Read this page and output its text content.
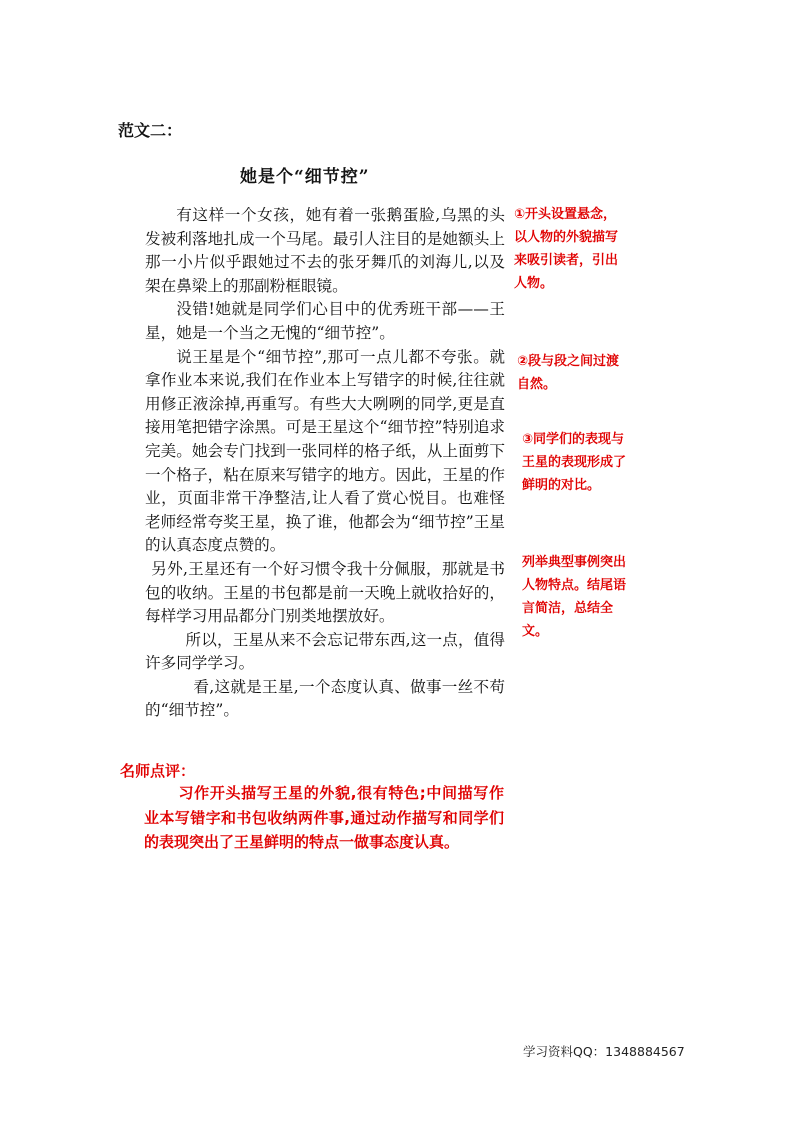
范文二：
她是个“细节控”

有这样一个女孩，她有着一张鹅蛋脸,乌黑的头发被利落地扎成一个马尾。最引人注目的是她额头上那一小片似乎跟她过不去的张牙舞爪的刘海儿,以及架在鼻梁上的那副粉框眼镜。

没错!她就是同学们心目中的优秀班干部——王星，她是一个当之无愧的“细节控”。

说王星是个“细节控”,那可一点儿都不夸张。就拿作业本来说,我们在作业本上写错字的时候,往往就用修正液涂掉,再重写。有些大大咧咧的同学,更是直接用笔把错字涂黑。可是王星这个“细节控”特别追求完美。她会专门找到一张同样的格子纸，从上面剪下一个格子，粘在原来写错字的地方。因此，王星的作业，页面非常干净整洁,让人看了赏心悦目。也难怪老师经常夸奖王星，换了谁，他都会为“细节控”王星的认真态度点赞的。

另外,王星还有一个好习惯令我十分佩服，那就是书包的收纳。王星的书包都是前一天晚上就收拾好的，每样学习用品都分门别类地摆放好。

所以，王星从来不会忘记带东西,这一点，值得许多同学学习。

看,这就是王星,一个态度认真、做事一丝不苟的“细节控”。

①开头设置悬念，以人物的外貌描写来吸引读者，引出人物。
②段与段之间过渡自然。
③同学们的表现与王星的表现形成了鲜明的对比。
列举典型事例突出人物特点。结尾语言简洁，总结全文。
名师点评：
习作开头描写王星的外貌,很有特色;中间描写作业本写错字和书包收纳两件事,通过动作描写和同学们的表现突出了王星鲜明的特点一做事态度认真。
学习资料QQ：1348884567
